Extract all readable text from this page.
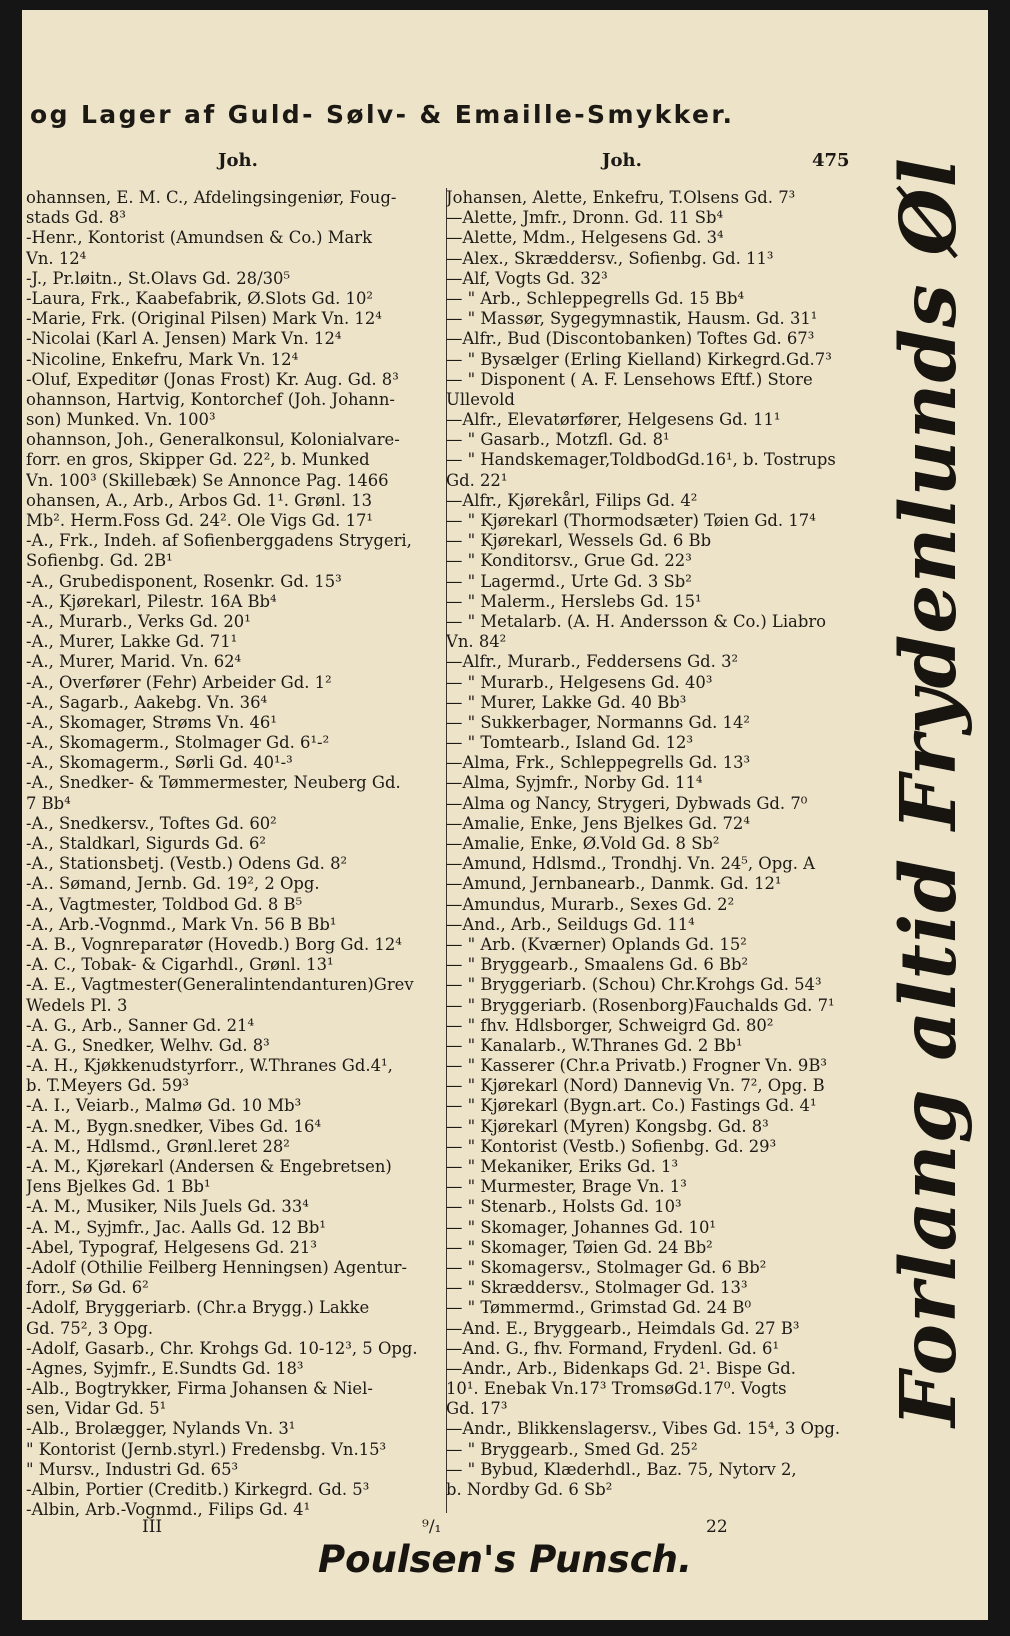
og Lager af Guld- Sølv- & Emaille-Smykker.
Joh.	Joh.	475
ohannsen, E. M. C., Afdelingsingeniør, Foug-
stads Gd. 8³
-Henr., Kontorist (Amundsen & Co.) Mark
Vn. 12⁴
-J., Pr.løitn., St.Olavs Gd. 28/30⁵
-Laura, Frk., Kaabefabrik, Ø.Slots Gd. 10²
-Marie, Frk. (Original Pilsen) Mark Vn. 12⁴
-Nicolai (Karl A. Jensen) Mark Vn. 12⁴
-Nicoline, Enkefru, Mark Vn. 12⁴
-Oluf, Expeditør (Jonas Frost) Kr. Aug. Gd. 8³
ohannson, Hartvig, Kontorchef (Joh. Johann-
son) Munked. Vn. 100³
ohannson, Joh., Generalkonsul, Kolonialvare-
forr. en gros, Skipper Gd. 22², b. Munked
Vn. 100³ (Skillebæk) Se Annonce Pag. 1466
ohansen, A., Arb., Arbos Gd. 1¹. Grønl. 13
Mb². Herm.Foss Gd. 24². Ole Vigs Gd. 17¹
-A., Frk., Indeh. af Sofienberggadens Strygeri,
Sofienbg. Gd. 2B¹
-A., Grubedisponent, Rosenkr. Gd. 15³
-A., Kjørekarl, Pilestr. 16A Bb⁴
-A., Murarb., Verks Gd. 20¹
-A., Murer, Lakke Gd. 71¹
-A., Murer, Marid. Vn. 62⁴
-A., Overfører (Fehr) Arbeider Gd. 1²
-A., Sagarb., Aakebg. Vn. 36⁴
-A., Skomager, Strøms Vn. 46¹
-A., Skomagerm., Stolmager Gd. 6¹-²
-A., Skomagerm., Sørli Gd. 40¹-³
-A., Snedker- & Tømmermester, Neuberg Gd.
7 Bb⁴
-A., Snedkersv., Toftes Gd. 60²
-A., Staldkarl, Sigurds Gd. 6²
-A., Stationsbetj. (Vestb.) Odens Gd. 8²
-A.. Sømand, Jernb. Gd. 19², 2 Opg.
-A., Vagtmester, Toldbod Gd. 8 B⁵
-A., Arb.-Vognmd., Mark Vn. 56 B Bb¹
-A. B., Vognreparatør (Hovedb.) Borg Gd. 12⁴
-A. C., Tobak- & Cigarhdl., Grønl. 13¹
-A. E., Vagtmester(Generalintendanturen)Grev
Wedels Pl. 3
-A. G., Arb., Sanner Gd. 21⁴
-A. G., Snedker, Welhv. Gd. 8³
-A. H., Kjøkkenudstyrforr., W.Thranes Gd.4¹,
b. T.Meyers Gd. 59³
-A. I., Veiarb., Malmø Gd. 10 Mb³
-A. M., Bygn.snedker, Vibes Gd. 16⁴
-A. M., Hdlsmd., Grønl.leret 28²
-A. M., Kjørekarl (Andersen & Engebretsen)
Jens Bjelkes Gd. 1 Bb¹
-A. M., Musiker, Nils Juels Gd. 33⁴
-A. M., Syjmfr., Jac. Aalls Gd. 12 Bb¹
-Abel, Typograf, Helgesens Gd. 21³
-Adolf (Othilie Feilberg Henningsen) Agentur-
forr., Sø Gd. 6²
-Adolf, Bryggeriarb. (Chr.a Brygg.) Lakke
Gd. 75², 3 Opg.
-Adolf, Gasarb., Chr. Krohgs Gd. 10-12³, 5 Opg.
-Agnes, Syjmfr., E.Sundts Gd. 18³
-Alb., Bogtrykker, Firma Johansen & Niel-
sen, Vidar Gd. 5¹
-Alb., Brolægger, Nylands Vn. 3¹
" Kontorist (Jernb.styrl.) Fredensbg. Vn.15³
" Mursv., Industri Gd. 65³
-Albin, Portier (Creditb.) Kirkegrd. Gd. 5³
-Albin, Arb.-Vognmd., Filips Gd. 4¹
Johansen, Alette, Enkefru, T.Olsens Gd. 7³
—Alette, Jmfr., Dronn. Gd. 11 Sb⁴
—Alette, Mdm., Helgesens Gd. 3⁴
—Alex., Skræddersv., Sofienbg. Gd. 11³
—Alf, Vogts Gd. 32³
— " Arb., Schleppegrells Gd. 15 Bb⁴
— " Massør, Sygegymnastik, Hausm. Gd. 31¹
—Alfr., Bud (Discontobanken) Toftes Gd. 67³
— " Bysælger (Erling Kielland) Kirkegrd.Gd.7³
— " Disponent ( A. F. Lensehows Eftf.) Store
Ullevold
—Alfr., Elevatørfører, Helgesens Gd. 11¹
— " Gasarb., Motzfl. Gd. 8¹
— " Handskemager,ToldbodGd.16¹, b. Tostrups
Gd. 22¹
—Alfr., Kjørekårl, Filips Gd. 4²
— " Kjørekarl (Thormodsæter) Tøien Gd. 17⁴
— " Kjørekarl, Wessels Gd. 6 Bb
— " Konditorsv., Grue Gd. 22³
— " Lagermd., Urte Gd. 3 Sb²
— " Malerm., Herslebs Gd. 15¹
— " Metalarb. (A. H. Andersson & Co.) Liabro
Vn. 84²
—Alfr., Murarb., Feddersens Gd. 3²
— " Murarb., Helgesens Gd. 40³
— " Murer, Lakke Gd. 40 Bb³
— " Sukkerbager, Normanns Gd. 14²
— " Tomtearb., Island Gd. 12³
—Alma, Frk., Schleppegrells Gd. 13³
—Alma, Syjmfr., Norby Gd. 11⁴
—Alma og Nancy, Strygeri, Dybwads Gd. 7⁰
—Amalie, Enke, Jens Bjelkes Gd. 72⁴
—Amalie, Enke, Ø.Vold Gd. 8 Sb²
—Amund, Hdlsmd., Trondhj. Vn. 24⁵, Opg. A
—Amund, Jernbanearb., Danmk. Gd. 12¹
—Amundus, Murarb., Sexes Gd. 2²
—And., Arb., Seildugs Gd. 11⁴
— " Arb. (Kværner) Oplands Gd. 15²
— " Bryggearb., Smaalens Gd. 6 Bb²
— " Bryggeriarb. (Schou) Chr.Krohgs Gd. 54³
— " Bryggeriarb. (Rosenborg)Fauchalds Gd. 7¹
— " fhv. Hdlsborger, Schweigrd Gd. 80²
— " Kanalarb., W.Thranes Gd. 2 Bb¹
— " Kasserer (Chr.a Privatb.) Frogner Vn. 9B³
— " Kjørekarl (Nord) Dannevig Vn. 7², Opg. B
— " Kjørekarl (Bygn.art. Co.) Fastings Gd. 4¹
— " Kjørekarl (Myren) Kongsbg. Gd. 8³
— " Kontorist (Vestb.) Sofienbg. Gd. 29³
— " Mekaniker, Eriks Gd. 1³
— " Murmester, Brage Vn. 1³
— " Stenarb., Holsts Gd. 10³
— " Skomager, Johannes Gd. 10¹
— " Skomager, Tøien Gd. 24 Bb²
— " Skomagersv., Stolmager Gd. 6 Bb²
— " Skræddersv., Stolmager Gd. 13³
— " Tømmermd., Grimstad Gd. 24 B⁰
—And. E., Bryggearb., Heimdals Gd. 27 B³
—And. G., fhv. Formand, Frydenl. Gd. 6¹
—Andr., Arb., Bidenkaps Gd. 2¹. Bispe Gd.
10¹. Enebak Vn.17³ TromsøGd.17⁰. Vogts
Gd. 17³
—Andr., Blikkenslagersv., Vibes Gd. 15⁴, 3 Opg.
— " Bryggearb., Smed Gd. 25²
— " Bybud, Klæderhdl., Baz. 75, Nytorv 2,
b. Nordby Gd. 6 Sb²
III	⁹/₁	22
Forlang altid Frydenlunds Øl
Poulsen's Punsch.
